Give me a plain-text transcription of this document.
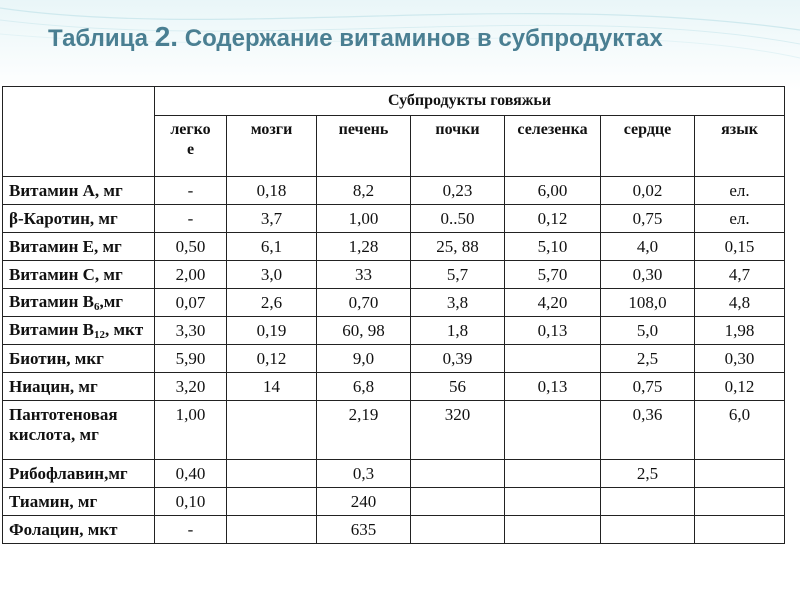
Таблица 2. Содержание витаминов в субпродуктах
	Субпродукты говяжьи						
	легко е	мозги	печень	почки	селезенка	сердце	язык
Витамин А, мг	-	0,18	8,2	0,23	6,00	0,02	ел.
β-Каротин, мг	-	3,7	1,00	0..50	0,12	0,75	ел.
Витамин Е, мг	0,50	6,1	1,28	25, 88	5,10	4,0	0,15
Витамин С, мг	2,00	3,0	33	5,7	5,70	0,30	4,7
Витамин $В_6,мг$	0,07	2,6	0,70	3,8	4,20	108,0	4,8
Витамин $В_{12}$, мкт	3,30	0,19	60, 98	1,8	0,13	5,0	1,98
Биотин, мкг	5,90	0,12	9,0	0,39		2,5	0,30
Ниацин, мг	3,20	14	6,8	56	0,13	0,75	0,12
Пантотеновая кислота, мг	1,00		2,19	320		0,36	6,0
Рибофлавин,мг	0,40		0,3			2,5	
Тиамин, мг	0,10		240				
Фолацин, мкт	-		635				
